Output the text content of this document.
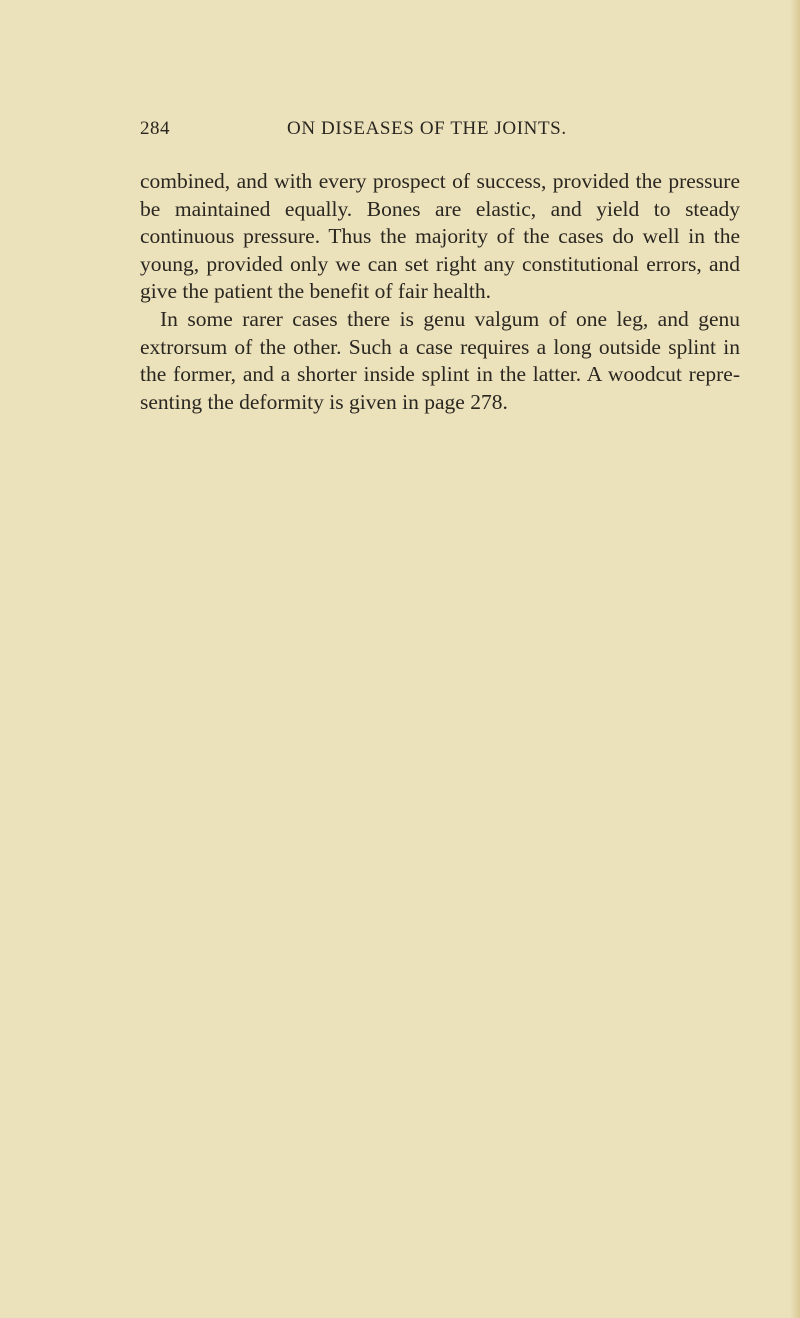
284	ON DISEASES OF THE JOINTS.

combined, and with every prospect of success, provided the pressure be maintained equally. Bones are elastic, and yield to steady continuous pressure. Thus the majority of the cases do well in the young, provided only we can set right any constitutional errors, and give the patient the benefit of fair health.

In some rarer cases there is genu valgum of one leg, and genu extrorsum of the other. Such a case requires a long outside splint in the former, and a shorter inside splint in the latter. A woodcut repre-senting the deformity is given in page 278.
